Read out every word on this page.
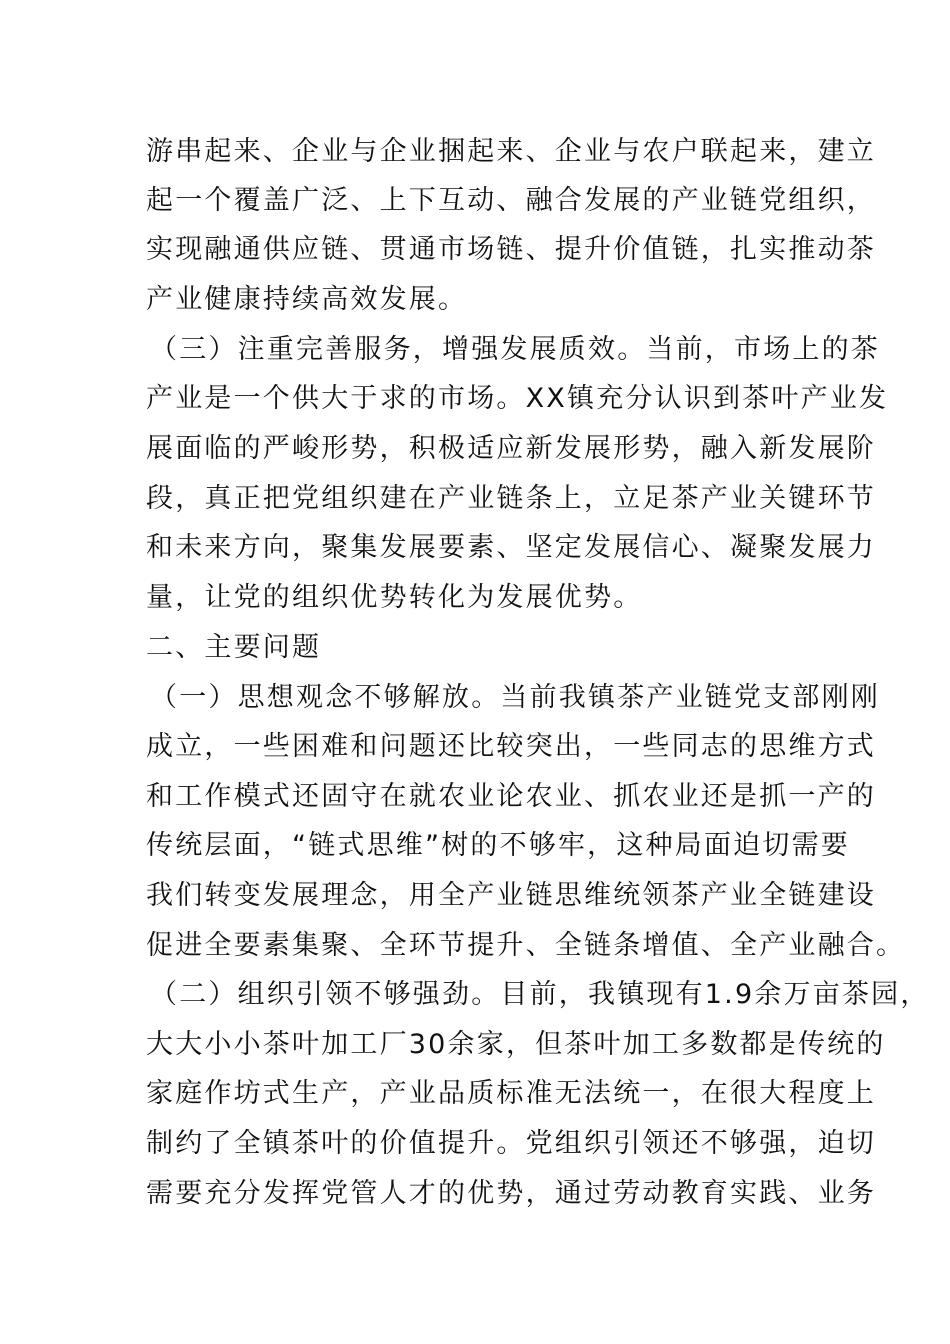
游串起来、企业与企业捆起来、企业与农户联起来，建立
起一个覆盖广泛、上下互动、融合发展的产业链党组织，
实现融通供应链、贯通市场链、提升价值链，扎实推动茶
产业健康持续高效发展。
（三）注重完善服务，增强发展质效。当前，市场上的茶
产业是一个供大于求的市场。XX镇充分认识到茶叶产业发
展面临的严峻形势，积极适应新发展形势，融入新发展阶
段，真正把党组织建在产业链条上，立足茶产业关键环节
和未来方向，聚集发展要素、坚定发展信心、凝聚发展力
量，让党的组织优势转化为发展优势。
二、主要问题
（一）思想观念不够解放。当前我镇茶产业链党支部刚刚
成立，一些困难和问题还比较突出，一些同志的思维方式
和工作模式还固守在就农业论农业、抓农业还是抓一产的
传统层面，“链式思维”树的不够牢，这种局面迫切需要
我们转变发展理念，用全产业链思维统领茶产业全链建设
促进全要素集聚、全环节提升、全链条增值、全产业融合。
（二）组织引领不够强劲。目前，我镇现有1.9余万亩茶园，
大大小小茶叶加工厂30余家，但茶叶加工多数都是传统的
家庭作坊式生产，产业品质标准无法统一，在很大程度上
制约了全镇茶叶的价值提升。党组织引领还不够强，迫切
需要充分发挥党管人才的优势，通过劳动教育实践、业务
